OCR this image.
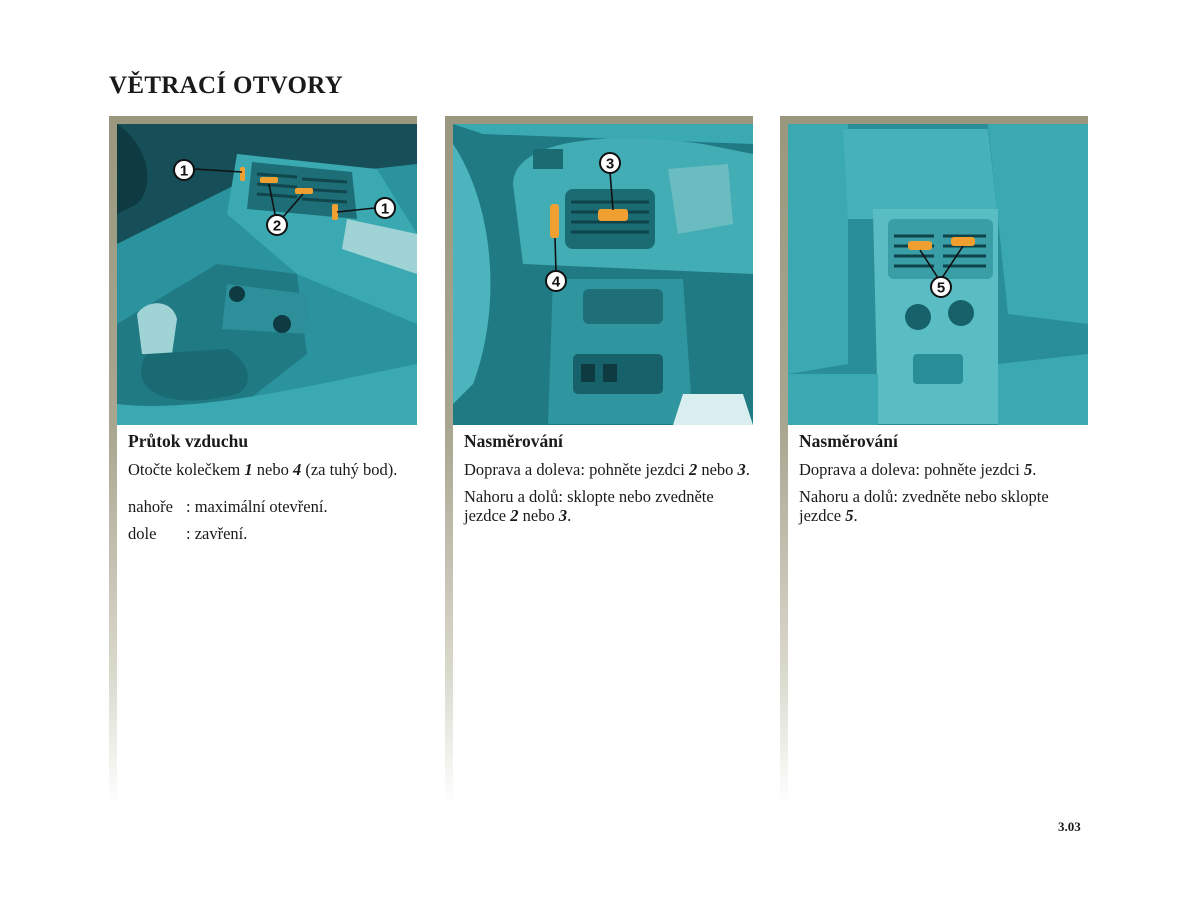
VĚTRACÍ OTVORY
1
2
1
Průtok vzduchu

Otočte kolečkem 1 nebo 4 (za tuhý bod).

nahoře : maximální otevření.
dole	: zavření.
3
4
Nasměrování

Doprava a doleva: pohněte jezdci 2 nebo 3.

Nahoru a dolů: sklopte nebo zvedněte jezdce 2 nebo 3.

5
Nasměrování

Doprava a doleva: pohněte jezdci 5.

Nahoru a dolů: zvedněte nebo sklopte jezdce 5.

3.03
